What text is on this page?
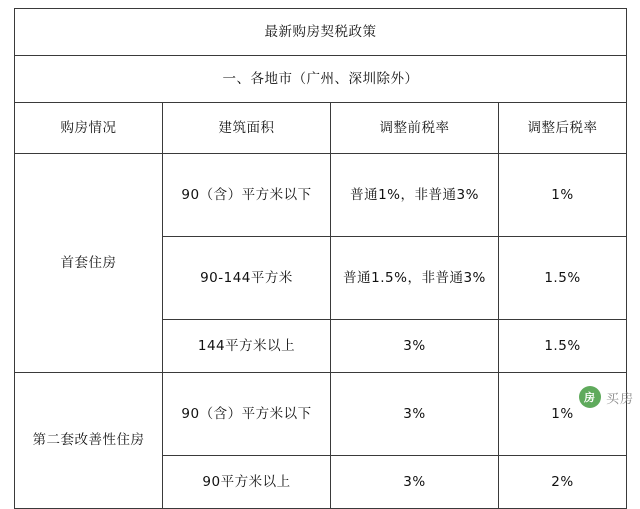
最新购房契税政策			
一、各地市（广州、深圳除外）			
购房情况	建筑面积	调整前税率	调整后税率
首套住房	90（含）平方米以下	普通1%，非普通3%	1%
	90-144平方米	普通1.5%，非普通3%	1.5%
	144平方米以上	3%	1.5%
第二套改善性住房	90（含）平方米以下	3%	1%
	90平方米以上	3%	2%
房 买房
